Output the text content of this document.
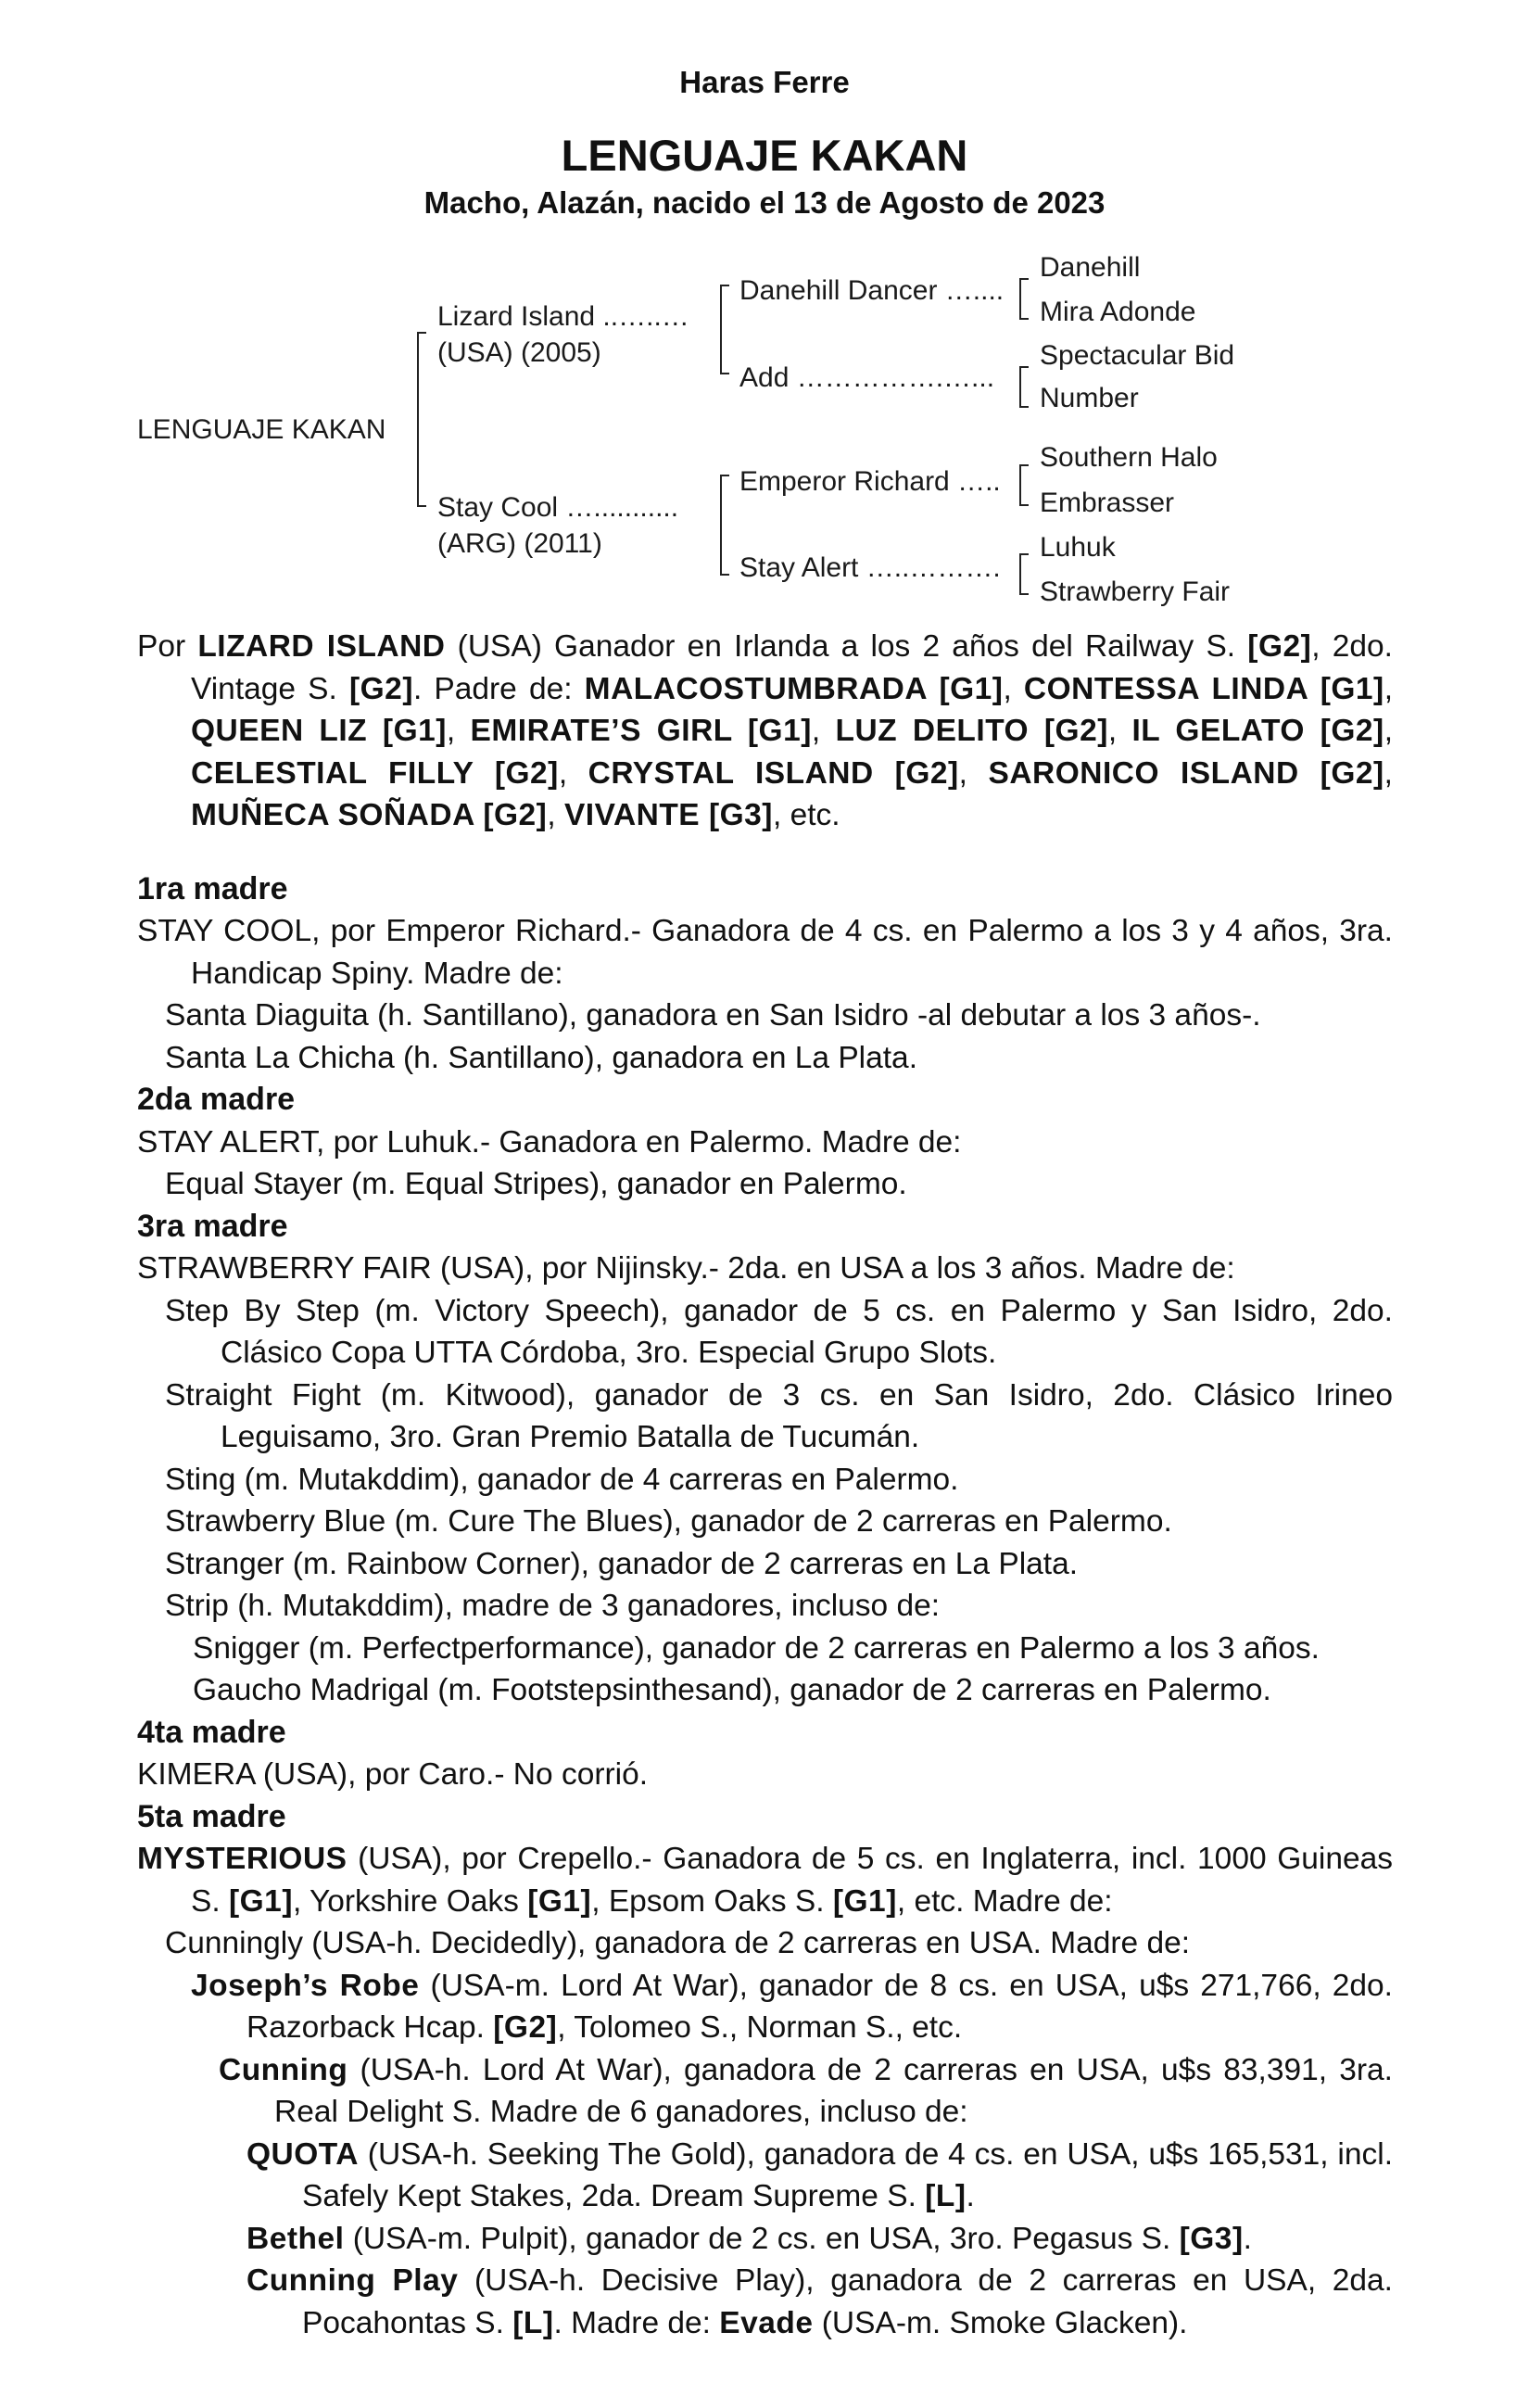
Haras Ferre
LENGUAJE KAKAN
Macho, Alazán, nacido el 13 de Agosto de 2023
LENGUAJE KAKAN
Lizard Island ..…..…
(USA) (2005)
Stay Cool …...........
(ARG) (2011)
Danehill Dancer …....
Add …………….…...
Emperor Richard …..
Stay Alert …..……….
Danehill
Mira Adonde
Spectacular Bid
Number
Southern Halo
Embrasser
Luhuk
Strawberry Fair

Por LIZARD ISLAND (USA) Ganador en Irlanda a los 2 años del Railway S. [G2], 2do. Vintage S. [G2]. Padre de: MALACOSTUMBRADA [G1], CONTESSA LINDA [G1], QUEEN LIZ [G1], EMIRATE’S GIRL [G1], LUZ DELITO [G2], IL GELATO [G2], CELESTIAL FILLY [G2], CRYSTAL ISLAND [G2], SARONICO ISLAND [G2], MUÑECA SOÑADA [G2], VIVANTE [G3], etc.

1ra madre

STAY COOL, por Emperor Richard.- Ganadora de 4 cs. en Palermo a los 3 y 4 años, 3ra. Handicap Spiny. Madre de:

Santa Diaguita (h. Santillano), ganadora en San Isidro -al debutar a los 3 años-.

Santa La Chicha (h. Santillano), ganadora en La Plata.

2da madre

STAY ALERT, por Luhuk.- Ganadora en Palermo. Madre de:

Equal Stayer (m. Equal Stripes), ganador en Palermo.

3ra madre

STRAWBERRY FAIR (USA), por Nijinsky.- 2da. en USA a los 3 años. Madre de:

Step By Step (m. Victory Speech), ganador de 5 cs. en Palermo y San Isidro, 2do. Clásico Copa UTTA Córdoba, 3ro. Especial Grupo Slots.

Straight Fight (m. Kitwood), ganador de 3 cs. en San Isidro, 2do. Clásico Irineo Leguisamo, 3ro. Gran Premio Batalla de Tucumán.

Sting (m. Mutakddim), ganador de 4 carreras en Palermo.

Strawberry Blue (m. Cure The Blues), ganador de 2 carreras en Palermo.

Stranger (m. Rainbow Corner), ganador de 2 carreras en La Plata.

Strip (h. Mutakddim), madre de 3 ganadores, incluso de:

Snigger (m. Perfectperformance), ganador de 2 carreras en Palermo a los 3 años.

Gaucho Madrigal (m. Footstepsinthesand), ganador de 2 carreras en Palermo.

4ta madre

KIMERA (USA), por Caro.- No corrió.

5ta madre

MYSTERIOUS (USA), por Crepello.- Ganadora de 5 cs. en Inglaterra, incl. 1000 Guineas S. [G1], Yorkshire Oaks [G1], Epsom Oaks S. [G1], etc. Madre de:

Cunningly (USA-h. Decidedly), ganadora de 2 carreras en USA. Madre de:

Joseph’s Robe (USA-m. Lord At War), ganador de 8 cs. en USA, u$s 271,766, 2do. Razorback Hcap. [G2], Tolomeo S., Norman S., etc.

Cunning (USA-h. Lord At War), ganadora de 2 carreras en USA, u$s 83,391, 3ra. Real Delight S. Madre de 6 ganadores, incluso de:

QUOTA (USA-h. Seeking The Gold), ganadora de 4 cs. en USA, u$s 165,531, incl. Safely Kept Stakes, 2da. Dream Supreme S. [L].

Bethel (USA-m. Pulpit), ganador de 2 cs. en USA, 3ro. Pegasus S. [G3].

Cunning Play (USA-h. Decisive Play), ganadora de 2 carreras en USA, 2da. Pocahontas S. [L]. Madre de: Evade (USA-m. Smoke Glacken).
